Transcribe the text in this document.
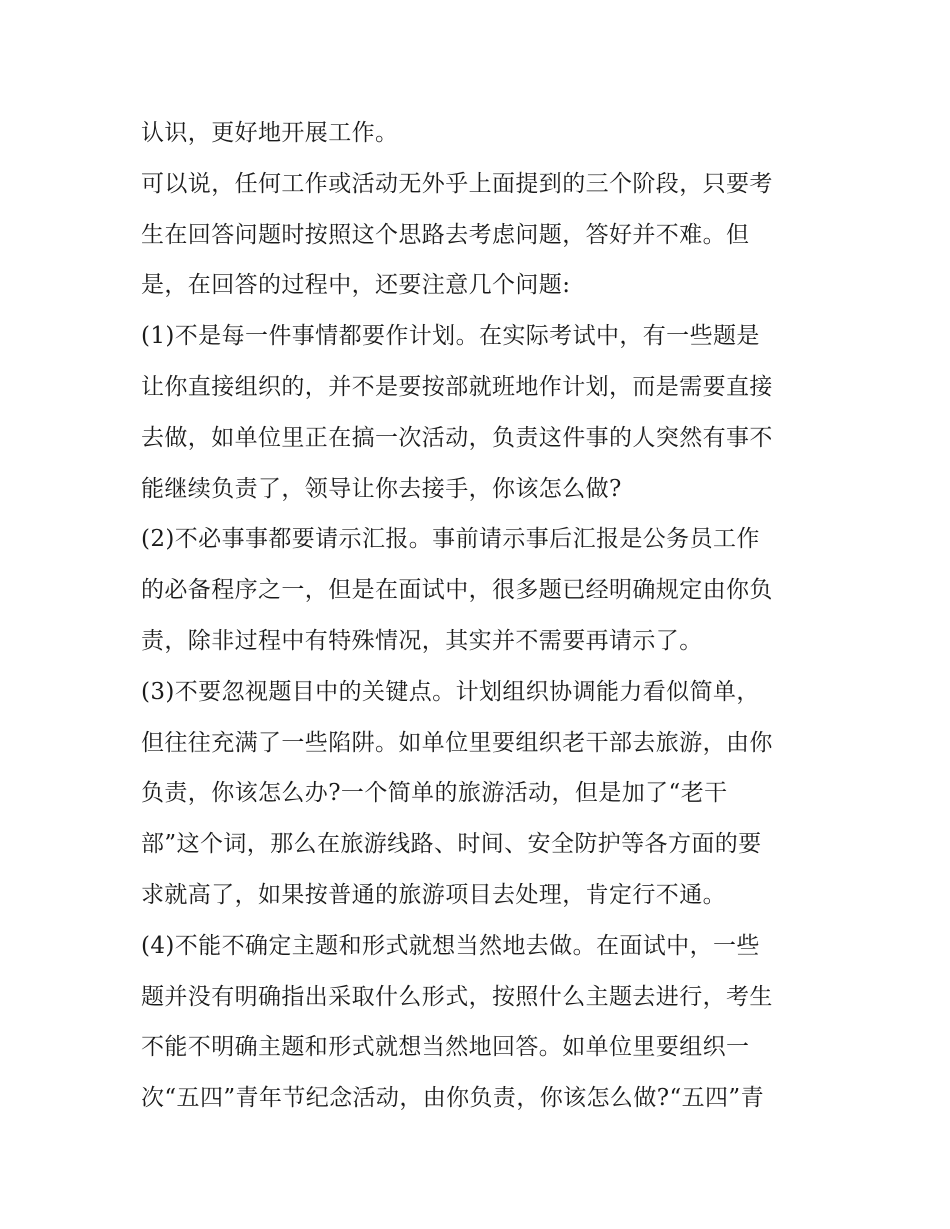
认识，更好地开展工作。
可以说，任何工作或活动无外乎上面提到的三个阶段，只要考
生在回答问题时按照这个思路去考虑问题，答好并不难。但
是，在回答的过程中，还要注意几个问题:
(1)不是每一件事情都要作计划。在实际考试中，有一些题是
让你直接组织的，并不是要按部就班地作计划，而是需要直接
去做，如单位里正在搞一次活动，负责这件事的人突然有事不
能继续负责了，领导让你去接手，你该怎么做?
(2)不必事事都要请示汇报。事前请示事后汇报是公务员工作
的必备程序之一，但是在面试中，很多题已经明确规定由你负
责，除非过程中有特殊情况，其实并不需要再请示了。
(3)不要忽视题目中的关键点。计划组织协调能力看似简单，
但往往充满了一些陷阱。如单位里要组织老干部去旅游，由你
负责，你该怎么办?一个简单的旅游活动，但是加了“老干
部”这个词，那么在旅游线路、时间、安全防护等各方面的要
求就高了，如果按普通的旅游项目去处理，肯定行不通。
(4)不能不确定主题和形式就想当然地去做。在面试中，一些
题并没有明确指出采取什么形式，按照什么主题去进行，考生
不能不明确主题和形式就想当然地回答。如单位里要组织一
次“五四”青年节纪念活动，由你负责，你该怎么做?“五四”青
